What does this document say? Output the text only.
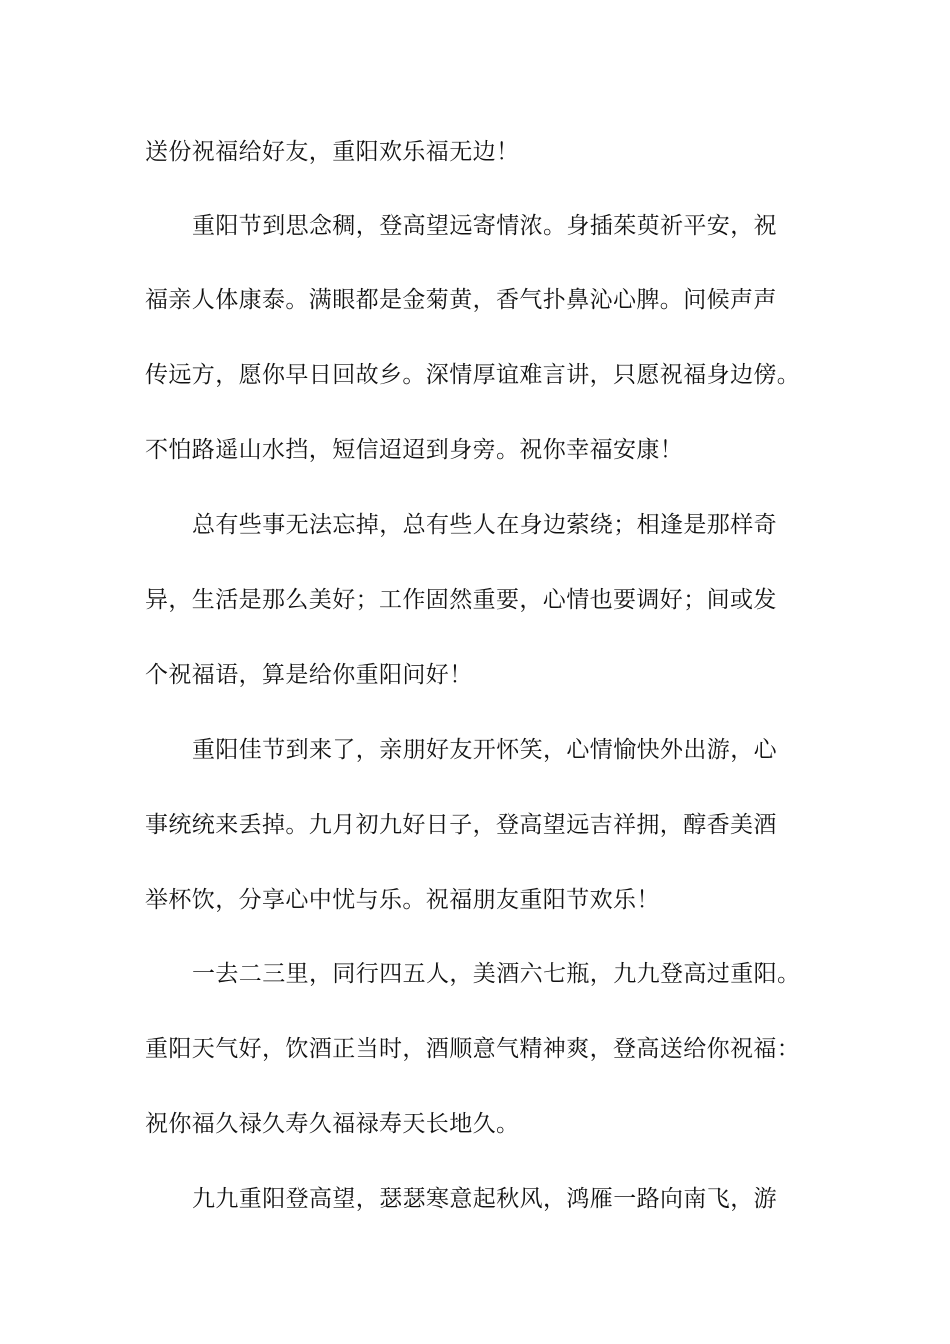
送份祝福给好友，重阳欢乐福无边！
重阳节到思念稠，登高望远寄情浓。身插茱萸祈平安，祝
福亲人体康泰。满眼都是金菊黄，香气扑鼻沁心脾。问候声声
传远方，愿你早日回故乡。深情厚谊难言讲，只愿祝福身边傍。
不怕路遥山水挡，短信迢迢到身旁。祝你幸福安康！
总有些事无法忘掉，总有些人在身边萦绕；相逢是那样奇
异，生活是那么美好；工作固然重要，心情也要调好；间或发
个祝福语，算是给你重阳问好！
重阳佳节到来了，亲朋好友开怀笑，心情愉快外出游，心
事统统来丢掉。九月初九好日子，登高望远吉祥拥，醇香美酒
举杯饮，分享心中忧与乐。祝福朋友重阳节欢乐！
一去二三里，同行四五人，美酒六七瓶，九九登高过重阳。
重阳天气好，饮酒正当时，酒顺意气精神爽，登高送给你祝福：
祝你福久禄久寿久福禄寿天长地久。
九九重阳登高望，瑟瑟寒意起秋风，鸿雁一路向南飞，游
